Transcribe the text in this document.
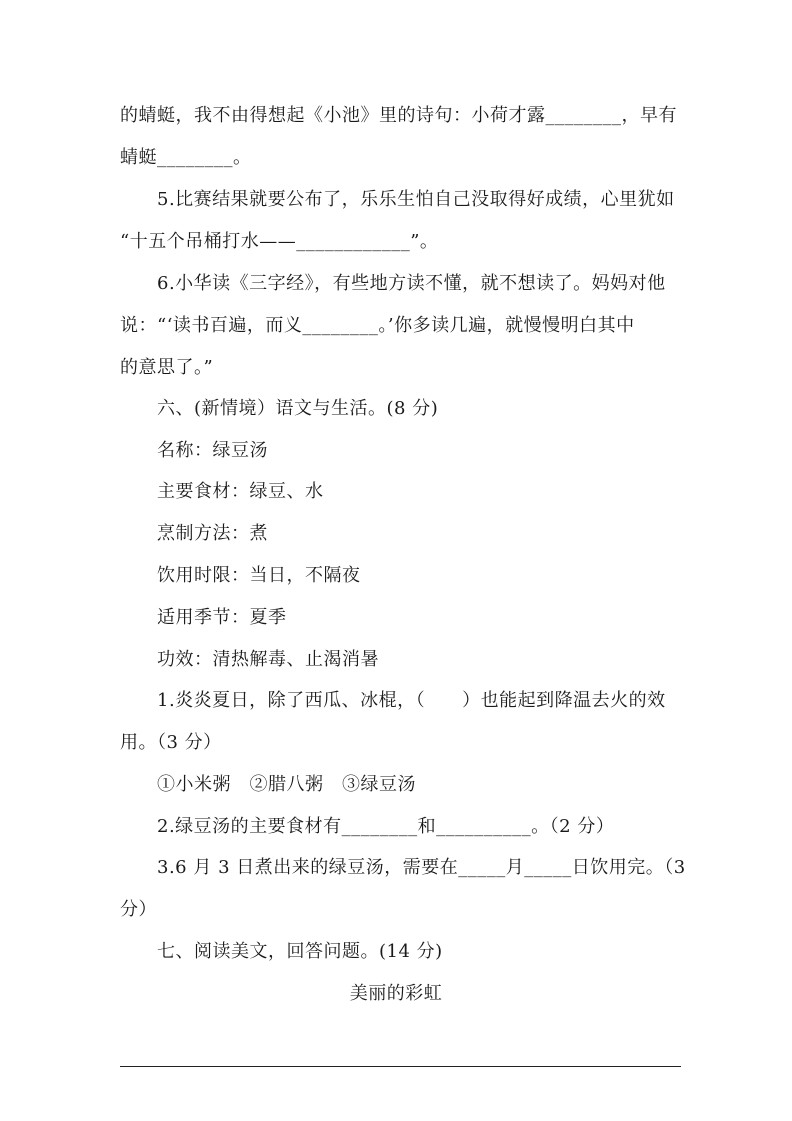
的蜻蜓，我不由得想起《小池》里的诗句：小荷才露________，早有
蜻蜓________。
5.比赛结果就要公布了，乐乐生怕自己没取得好成绩，心里犹如
“十五个吊桶打水——____________”。
6.小华读《三字经》，有些地方读不懂，就不想读了。妈妈对他
说：“‘读书百遍，而义________。’你多读几遍，就慢慢明白其中
的意思了。”
六、(新情境）语文与生活。(8 分)
名称：绿豆汤
主要食材：绿豆、水
烹制方法：煮
饮用时限：当日，不隔夜
适用季节：夏季
功效：清热解毒、止渴消暑
1.炎炎夏日，除了西瓜、冰棍，（　　）也能起到降温去火的效
用。（3 分）
①小米粥　②腊八粥　③绿豆汤
2.绿豆汤的主要食材有________和__________。（2 分）
3.6 月 3 日煮出来的绿豆汤，需要在_____月_____日饮用完。（3
分）
七、阅读美文，回答问题。(14 分)
美丽的彩虹
